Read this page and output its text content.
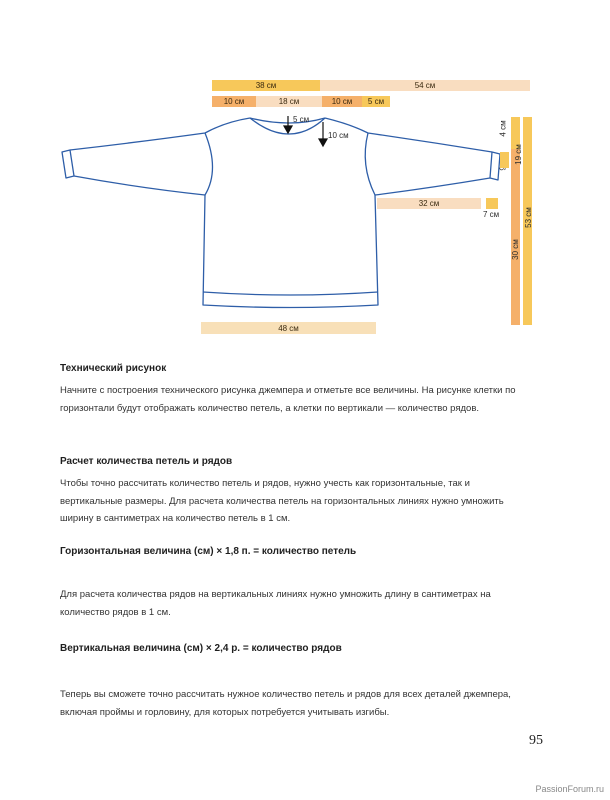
38 см	54 см
10 см	18 см	10 см 5 см
5 см
10 см
32 см
7 см
48 см
4 см
19 см
53 см
30 см
Технический рисунок
Начните с построения технического рисунка джемпера и отметьте все величины. На рисунке клетки по горизонтали будут отображать количество петель, а клетки по вертикали — количество рядов.
Расчет количества петель и рядов
Чтобы точно рассчитать количество петель и рядов, нужно учесть как горизонтальные, так и вертикальные размеры. Для расчета количества петель на горизонтальных линиях нужно умножить ширину в сантиметрах на количество петель в 1 см.
Горизонтальная величина (см) × 1,8 п. = количество петель
Для расчета количества рядов на вертикальных линиях нужно умножить длину в сантиметрах на количество рядов в 1 см.
Вертикальная величина (см) × 2,4 р. = количество рядов
Теперь вы сможете точно рассчитать нужное количество петель и рядов для всех деталей джемпера, включая проймы и горловину, для которых потребуется учитывать изгибы.
95
PassionForum.ru
